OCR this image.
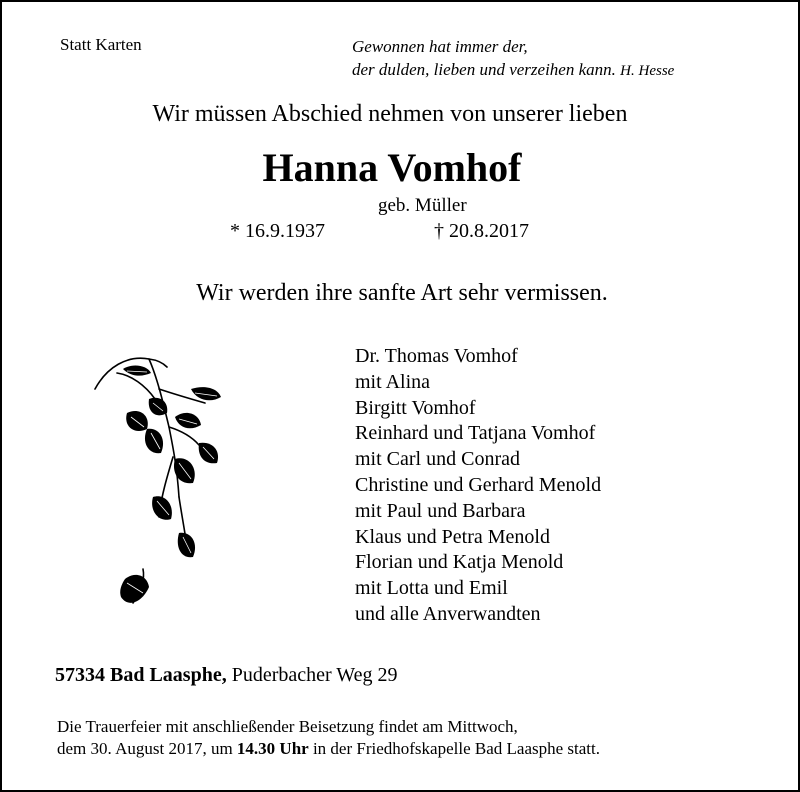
Statt Karten	Gewonnen hat immer der,
der dulden, lieben und verzeihen kann. H. Hesse
Wir müssen Abschied nehmen von unserer lieben
Hanna Vomhof
geb. Müller
* 16.9.1937	† 20.8.2017
Wir werden ihre sanfte Art sehr vermissen.
Dr. Thomas Vomhof
mit Alina
Birgitt Vomhof
Reinhard und Tatjana Vomhof
mit Carl und Conrad
Christine und Gerhard Menold
mit Paul und Barbara
Klaus und Petra Menold
Florian und Katja Menold
mit Lotta und Emil
und alle Anverwandten
57334 Bad Laasphe, Puderbacher Weg 29
Die Trauerfeier mit anschließender Beisetzung findet am Mittwoch,
dem 30. August 2017, um 14.30 Uhr in der Friedhofskapelle Bad Laasphe statt.
